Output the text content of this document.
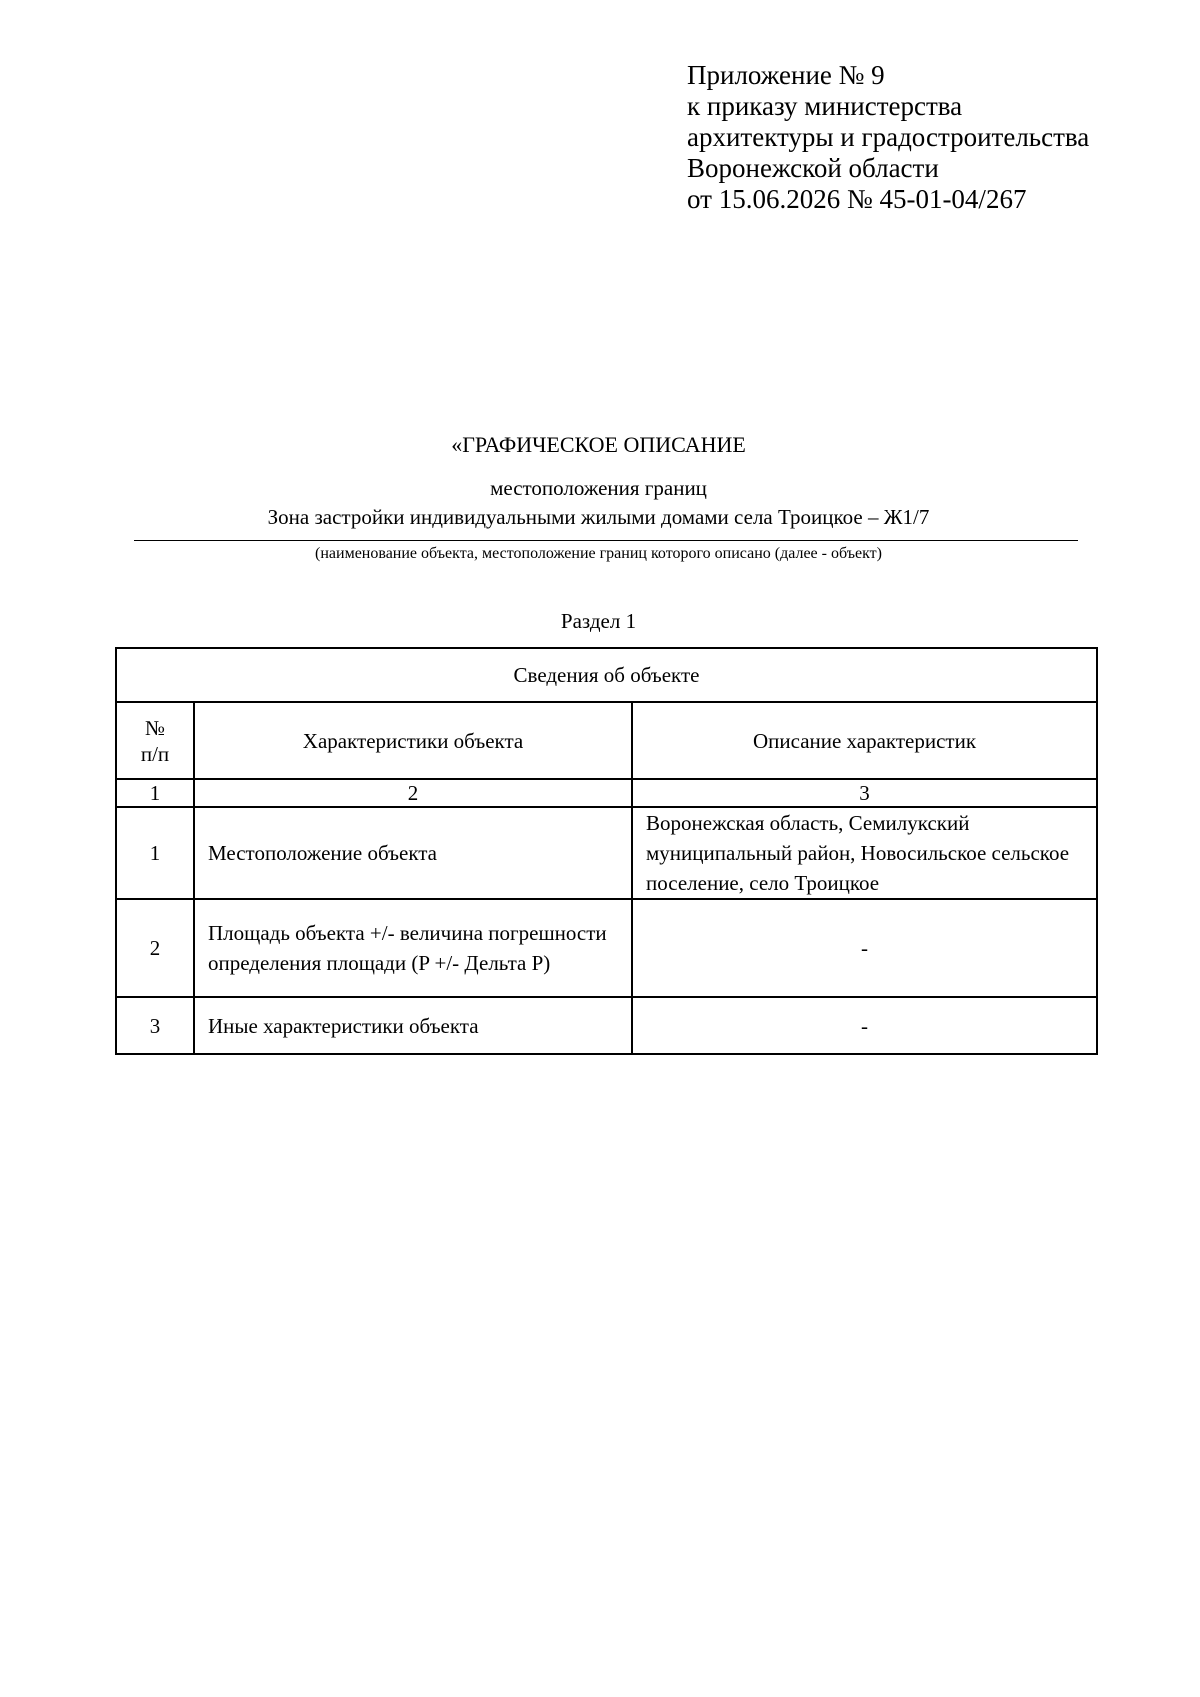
Приложение № 9
к приказу министерства
архитектуры и градостроительства
Воронежской области
от 15.06.2026 № 45-01-04/267
«ГРАФИЧЕСКОЕ ОПИСАНИЕ
местоположения границ
Зона застройки индивидуальными жилыми домами села Троицкое – Ж1/7
(наименование объекта, местоположение границ которого описано (далее - объект)
Раздел 1
Сведения об объекте		

№
п/п	Характеристики объекта	Описание характеристик
1	2	3
1	Местоположение объекта	Воронежская область, Семилукский муниципальный район, Новосильское сельское поселение, село Троицкое
2	Площадь объекта +/- величина погрешности определения площади (P +/- Дельта P)	-
3	Иные характеристики объекта	-
